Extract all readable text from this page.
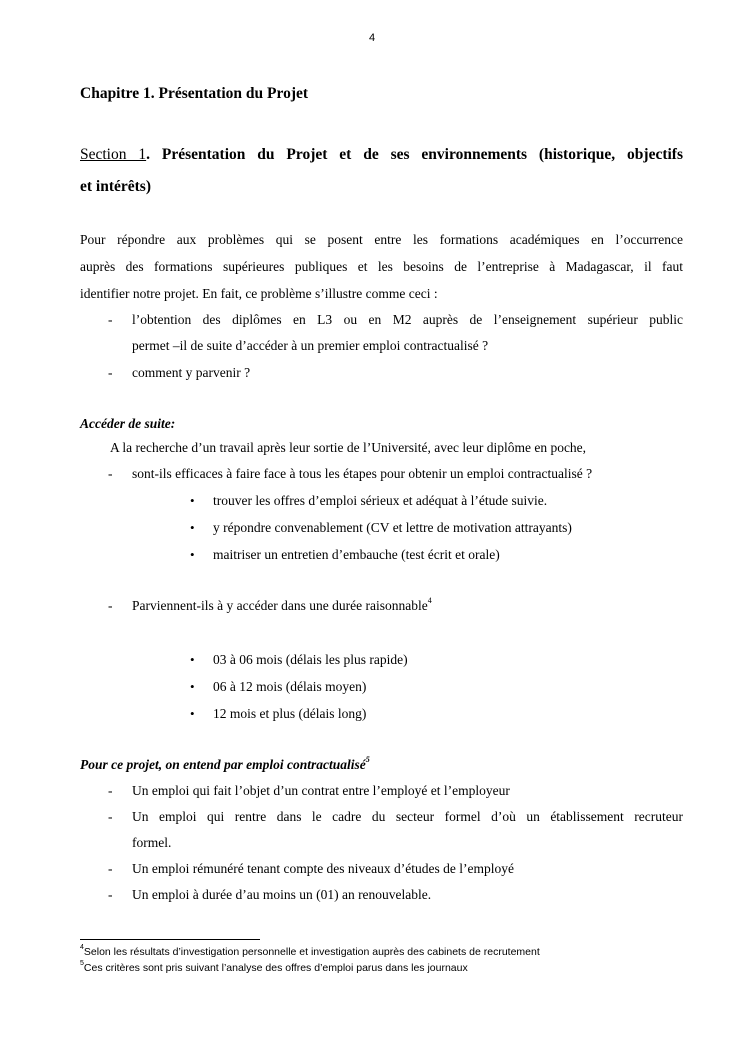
4
Chapitre 1. Présentation du Projet
Section 1. Présentation du Projet et de ses environnements (historique, objectifs
et intérêts)
Pour répondre aux problèmes qui se posent entre les formations académiques en l’occurrence
auprès des formations supérieures publiques et les besoins de l’entreprise à Madagascar, il faut
identifier notre projet. En fait, ce problème s’illustre comme ceci :
- l’obtention des diplômes en L3 ou en M2 auprès de l’enseignement supérieur public
permet –il de suite d’accéder à un premier emploi contractualisé ?
- comment y parvenir ?
Accéder de suite:
A la recherche d’un travail après leur sortie de l’Université, avec leur diplôme en poche,
- sont-ils efficaces à faire face à tous les étapes pour obtenir un emploi contractualisé ?
• trouver les offres d’emploi sérieux et adéquat à l’étude suivie.
• y répondre convenablement (CV et lettre de motivation attrayants)
• maitriser un entretien d’embauche (test écrit et orale)
- Parviennent-ils à y accéder dans une durée raisonnable$^4$
• 03 à 06 mois (délais les plus rapide)
• 06 à 12 mois (délais moyen)
• 12 mois et plus (délais long)
Pour ce projet, on entend par emploi contractualisé$^5$
- Un emploi qui fait l’objet d’un contrat entre l’employé et l’employeur
- Un emploi qui rentre dans le cadre du secteur formel d’où un établissement recruteur
formel.
- Un emploi rémunéré tenant compte des niveaux d’études de l’employé
- Un emploi à durée d’au moins un (01) an renouvelable.
$^4$Selon les résultats d’investigation personnelle et investigation auprès des cabinets de recrutement
$^5$Ces critères sont pris suivant l’analyse des offres d’emploi parus dans les journaux
